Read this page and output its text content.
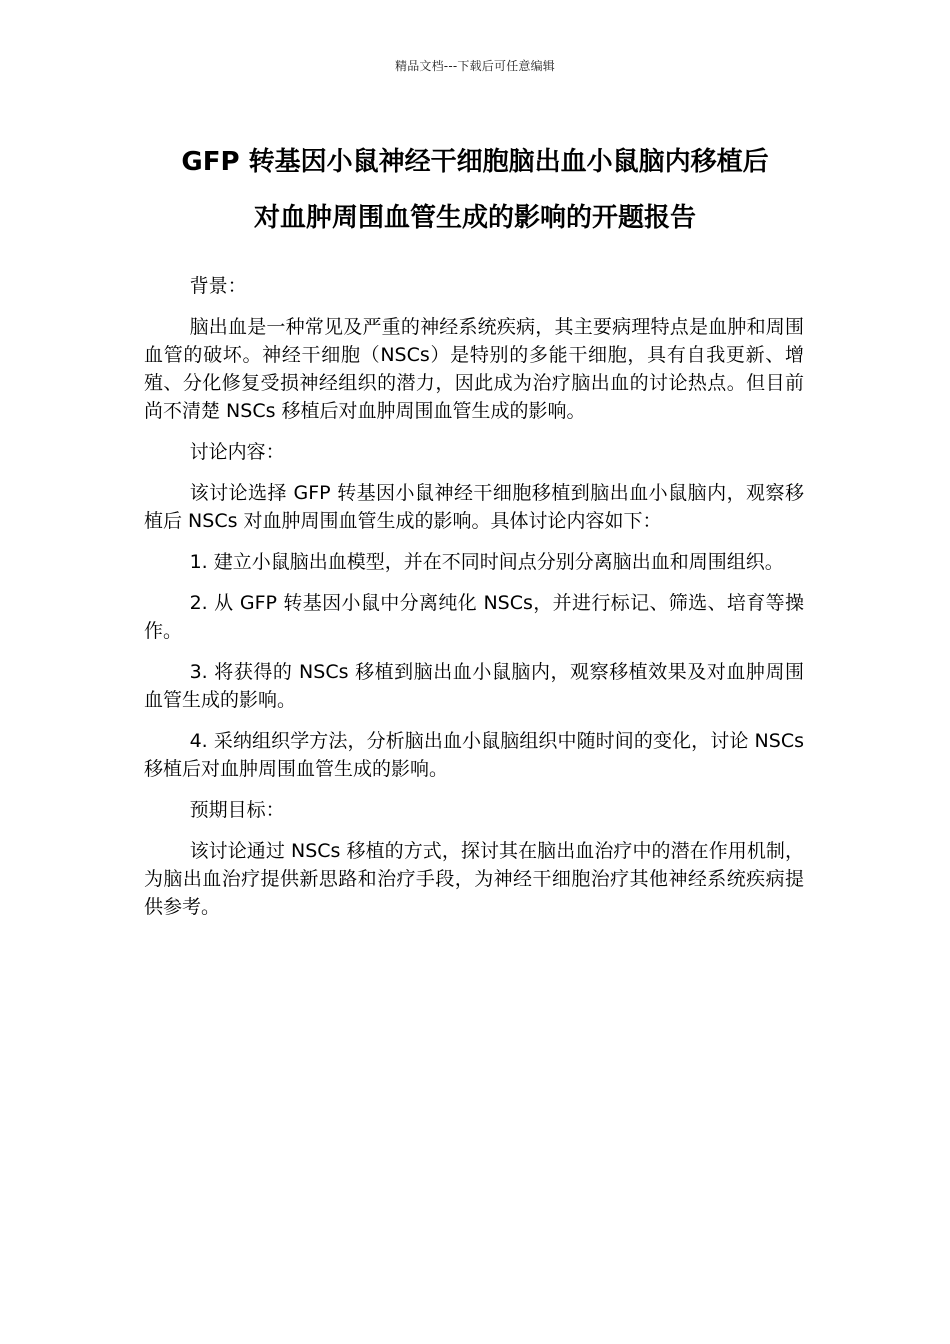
精品文档---下载后可任意编辑
GFP 转基因小鼠神经干细胞脑出血小鼠脑内移植后
对血肿周围血管生成的影响的开题报告

背景：

脑出血是一种常见及严重的神经系统疾病，其主要病理特点是血肿和周围血管的破坏。神经干细胞（NSCs）是特别的多能干细胞，具有自我更新、增殖、分化修复受损神经组织的潜力，因此成为治疗脑出血的讨论热点。但目前尚不清楚 NSCs 移植后对血肿周围血管生成的影响。

讨论内容：

该讨论选择 GFP 转基因小鼠神经干细胞移植到脑出血小鼠脑内，观察移植后 NSCs 对血肿周围血管生成的影响。具体讨论内容如下：

1. 建立小鼠脑出血模型，并在不同时间点分别分离脑出血和周围组织。

2. 从 GFP 转基因小鼠中分离纯化 NSCs，并进行标记、筛选、培育等操作。

3. 将获得的 NSCs 移植到脑出血小鼠脑内，观察移植效果及对血肿周围血管生成的影响。

4. 采纳组织学方法，分析脑出血小鼠脑组织中随时间的变化，讨论 NSCs 移植后对血肿周围血管生成的影响。

预期目标：

该讨论通过 NSCs 移植的方式，探讨其在脑出血治疗中的潜在作用机制，为脑出血治疗提供新思路和治疗手段，为神经干细胞治疗其他神经系统疾病提供参考。
